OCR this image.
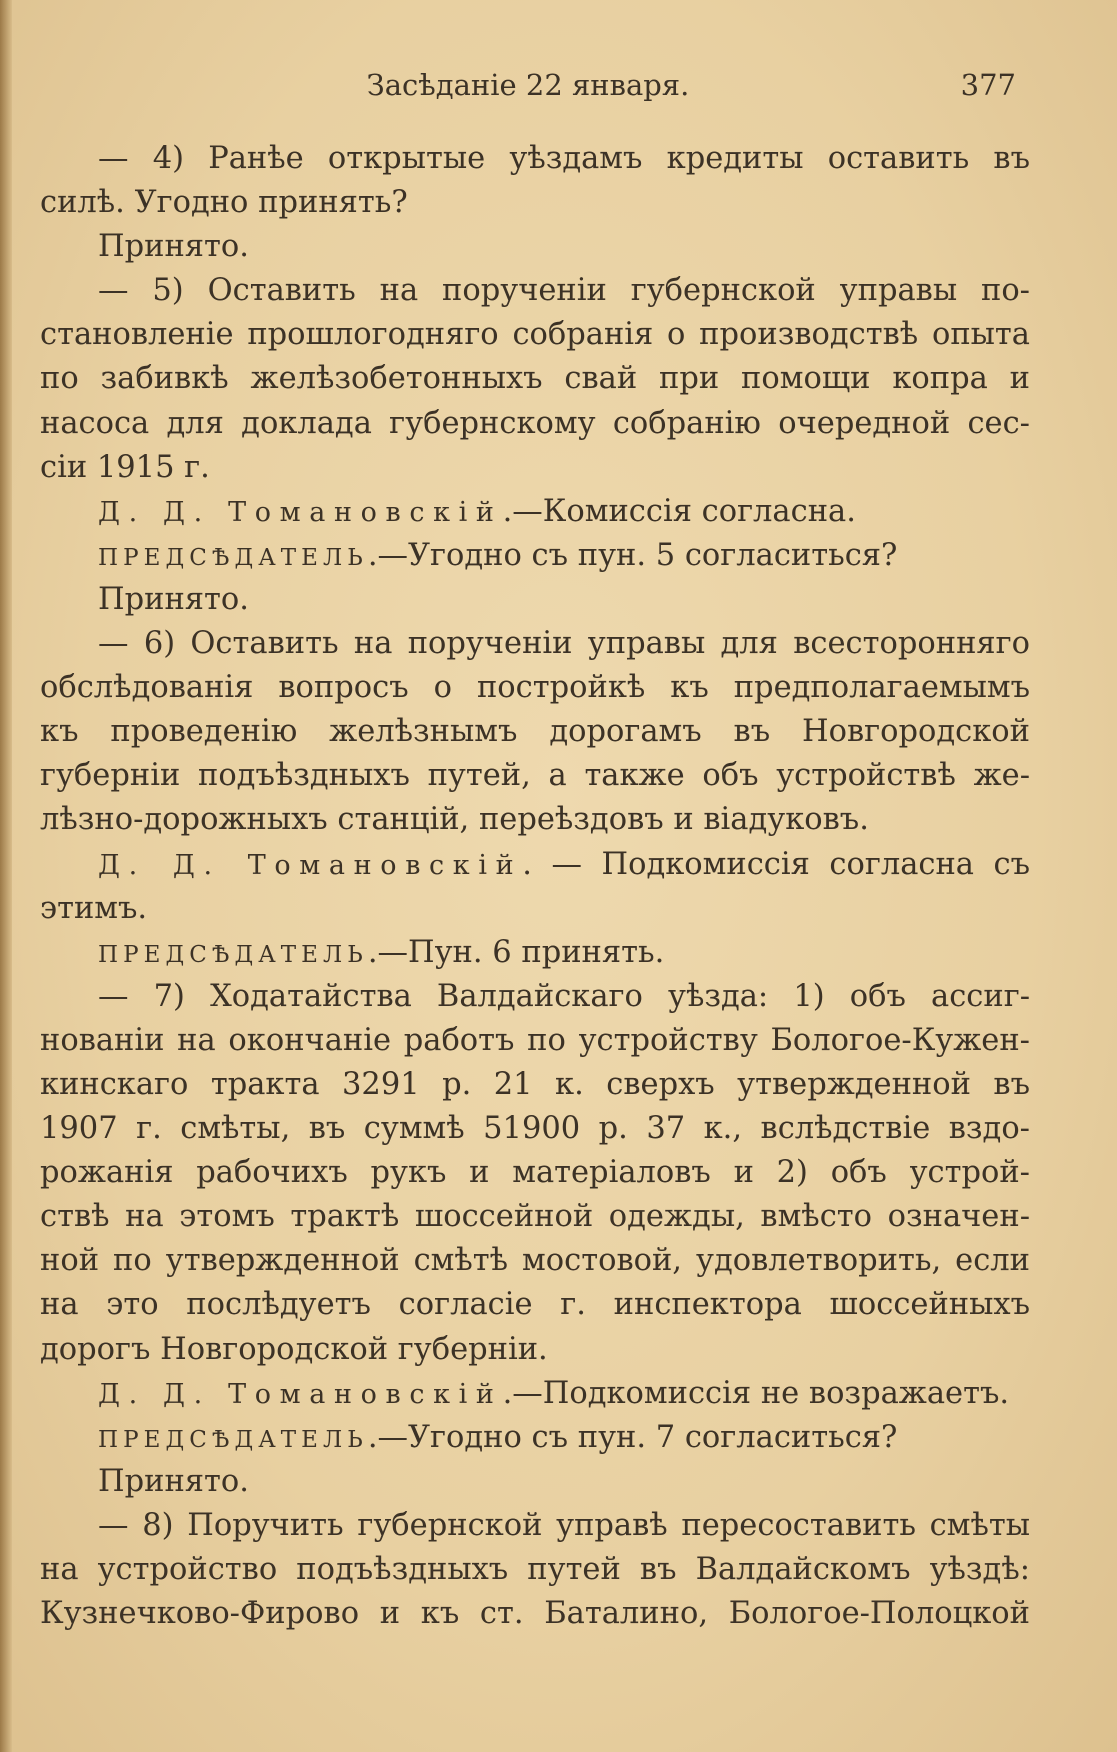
Засѣданіе 22 января.	377
— 4) Ранѣе открытые уѣздамъ кредиты оставить въ
силѣ. Угодно принять?
Принято.
— 5) Оставить на порученіи губернской управы по-
становленіе прошлогодняго собранія о производствѣ опыта
по забивкѣ желѣзобетонныхъ свай при помощи копра и
насоса для доклада губернскому собранію очередной сес-
сіи 1915 г.
Д. Д. Томановскій.—Комиссія согласна.
ПРЕДСѢДАТЕЛЬ.—Угодно съ пун. 5 согласиться?
Принято.
— 6) Оставить на порученіи управы для всесторонняго
обслѣдованія вопросъ о постройкѣ къ предполагаемымъ
къ проведенію желѣзнымъ дорогамъ въ Новгородской
губерніи подъѣздныхъ путей, а также объ устройствѣ же-
лѣзно-дорожныхъ станцій, переѣздовъ и віадуковъ.
Д. Д. Томановскій. — Подкомиссія согласна съ
этимъ.
ПРЕДСѢДАТЕЛЬ.—Пун. 6 принять.
— 7) Ходатайства Валдайскаго уѣзда: 1) объ ассиг-
нованіи на окончаніе работъ по устройству Бологое-Кужен-
кинскаго тракта 3291 р. 21 к. сверхъ утвержденной въ
1907 г. смѣты, въ суммѣ 51900 р. 37 к., вслѣдствіе вздо-
рожанія рабочихъ рукъ и матеріаловъ и 2) объ устрой-
ствѣ на этомъ трактѣ шоссейной одежды, вмѣсто означен-
ной по утвержденной смѣтѣ мостовой, удовлетворить, если
на это послѣдуетъ согласіе г. инспектора шоссейныхъ
дорогъ Новгородской губерніи.
Д. Д. Томановскій.—Подкомиссія не возражаетъ.
ПРЕДСѢДАТЕЛЬ.—Угодно съ пун. 7 согласиться?
Принято.
— 8) Поручить губернской управѣ пересоставить смѣты
на устройство подъѣздныхъ путей въ Валдайскомъ уѣздѣ:
Кузнечково-Фирово и къ ст. Баталино, Бологое-Полоцкой
